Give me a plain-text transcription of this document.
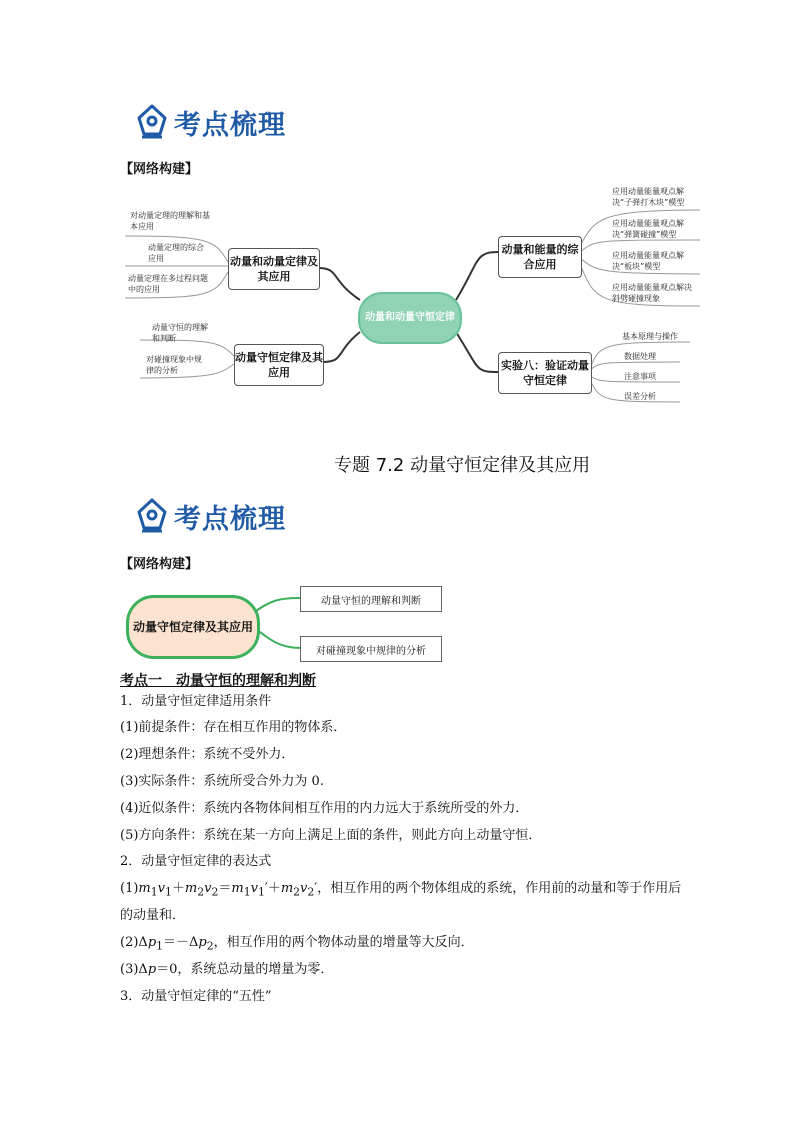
考点梳理
【网络构建】
动量和动量守恒定律
动量和动量定律及其应用
动量守恒定律及其应用
对动量定理的理解和基本应用
动量定理的综合应用
动量定理在多过程问题中的应用
动量守恒的理解和判断
对碰撞现象中规律的分析
动量和能量的综合应用
实验八：验证动量守恒定律
应用动量能量观点解决“子弹打木块”模型
应用动量能量观点解决“弹簧碰撞”模型
应用动量能量观点解决“板块”模型
应用动量能量观点解决斜劈碰撞现象
基本原理与操作
数据处理
注意事项
误差分析
专题 7.2 动量守恒定律及其应用
考点梳理
【网络构建】
动量守恒定律及其应用
动量守恒的理解和判断
对碰撞现象中规律的分析
考点一　动量守恒的理解和判断
1．动量守恒定律适用条件
(1)前提条件：存在相互作用的物体系．
(2)理想条件：系统不受外力．
(3)实际条件：系统所受合外力为 0.
(4)近似条件：系统内各物体间相互作用的内力远大于系统所受的外力．
(5)方向条件：系统在某一方向上满足上面的条件，则此方向上动量守恒．
2．动量守恒定律的表达式
$(1)m_1v_1+m_2v_2=m_1v_1'+m_2v_2'$，相互作用的两个物体组成的系统，作用前的动量和等于作用后
的动量和．
$(2)\Delta p_1=-\Delta p_2$，相互作用的两个物体动量的增量等大反向．
(3)Δp＝0，系统总动量的增量为零．
3．动量守恒定律的“五性”
